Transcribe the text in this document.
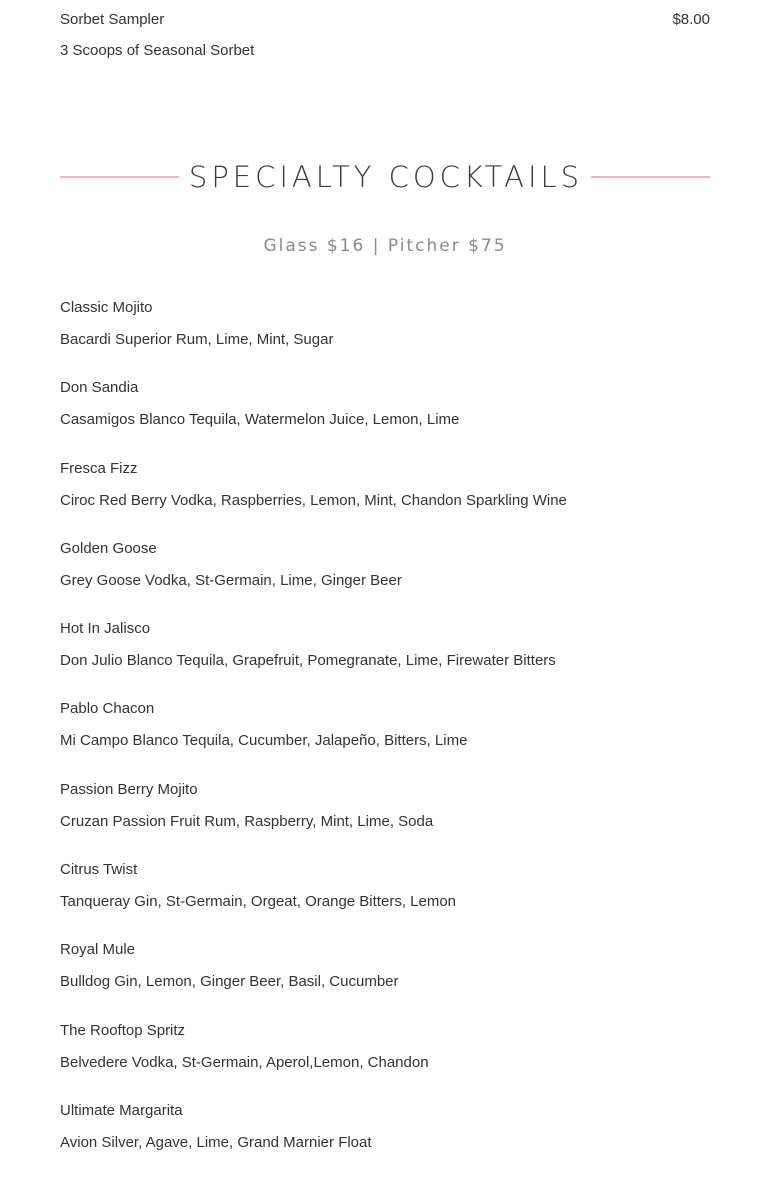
Sorbet Sampler	$8.00
3 Scoops of Seasonal Sorbet
SPECIALTY COCKTAILS
Glass $16 | Pitcher $75
Classic Mojito
Bacardi Superior Rum, Lime, Mint, Sugar
Don Sandia
Casamigos Blanco Tequila, Watermelon Juice, Lemon, Lime
Fresca Fizz
Ciroc Red Berry Vodka, Raspberries, Lemon, Mint, Chandon Sparkling Wine
Golden Goose
Grey Goose Vodka, St-Germain, Lime, Ginger Beer
Hot In Jalisco
Don Julio Blanco Tequila, Grapefruit, Pomegranate, Lime, Firewater Bitters
Pablo Chacon
Mi Campo Blanco Tequila, Cucumber, Jalapeño, Bitters, Lime
Passion Berry Mojito
Cruzan Passion Fruit Rum, Raspberry, Mint, Lime, Soda
Citrus Twist
Tanqueray Gin, St-Germain, Orgeat, Orange Bitters, Lemon
Royal Mule
Bulldog Gin, Lemon, Ginger Beer, Basil, Cucumber
The Rooftop Spritz
Belvedere Vodka, St-Germain, Aperol,Lemon, Chandon
Ultimate Margarita
Avion Silver, Agave, Lime, Grand Marnier Float
